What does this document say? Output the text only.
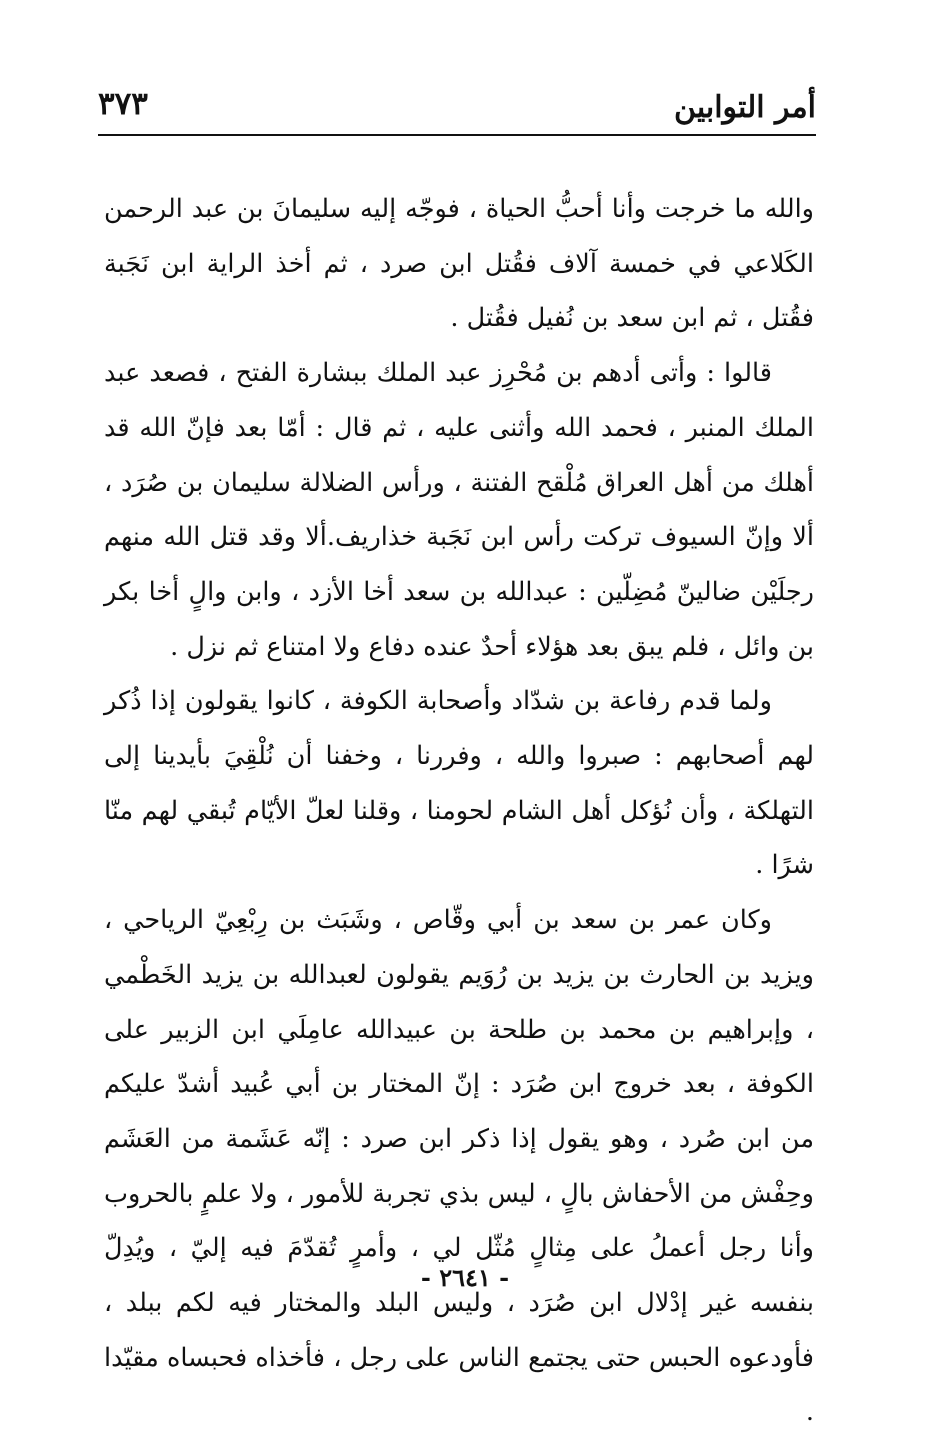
أمر التوابين
٣٧٣

والله ما خرجت وأنا أحبُّ الحياة ، فوجّه إليه سليمانَ بن عبد الرحمن الكَلاعي في خمسة آلاف فقُتل ابن صرد ، ثم أخذ الراية ابن نَجَبة فقُتل ، ثم ابن سعد بن نُفيل فقُتل .

قالوا : وأتى أدهم بن مُحْرِز عبد الملك ببشارة الفتح ، فصعد عبد الملك المنبر ، فحمد الله وأثنى عليه ، ثم قال : أمّا بعد فإنّ الله قد أهلك من أهل العراق مُلْقح الفتنة ، ورأس الضلالة سليمان بن صُرَد ، ألا وإنّ السيوف تركت رأس ابن نَجَبة خذاريف.ألا وقد قتل الله منهم رجلَيْن ضالينّ مُضِلّين : عبدالله بن سعد أخا الأزد ، وابن والٍ أخا بكر بن وائل ، فلم يبق بعد هؤلاء أحدٌ عنده دفاع ولا امتناع ثم نزل .

ولما قدم رفاعة بن شدّاد وأصحابة الكوفة ، كانوا يقولون إذا ذُكر لهم أصحابهم : صبروا والله ، وفررنا ، وخفنا أن نُلْقِيَ بأيدينا إلى التهلكة ، وأن نُؤكل أهل الشام لحومنا ، وقلنا لعلّ الأيّام تُبقي لهم منّا شرًا .

وكان عمر بن سعد بن أبي وقّاص ، وشَبَث بن رِبْعِيّ الرياحي ، ويزيد بن الحارث بن يزيد بن رُوَيم يقولون لعبدالله بن يزيد الخَطْمي ، وإبراهيم بن محمد بن طلحة بن عبيدالله عامِلَي ابن الزبير على الكوفة ، بعد خروج ابن صُرَد : إنّ المختار بن أبي عُبيد أشدّ عليكم من ابن صُرد ، وهو يقول إذا ذكر ابن صرد : إنّه عَشَمة من العَشَم وحِفْش من الأحفاش بالٍ ، ليس بذي تجربة للأمور ، ولا علمٍ بالحروب وأنا رجل أعملُ على مِثالٍ مُثّل لي ، وأمرٍ تُقدّمَ فيه إليّ ، ويُدِلّ بنفسه غير إدْلال ابن صُرَد ، وليس البلد والمختار فيه لكم ببلد ، فأودعوه الحبس حتى يجتمع الناس على رجل ، فأخذاه فحبساه مقيّدا .

- ٢٦٤١ -
